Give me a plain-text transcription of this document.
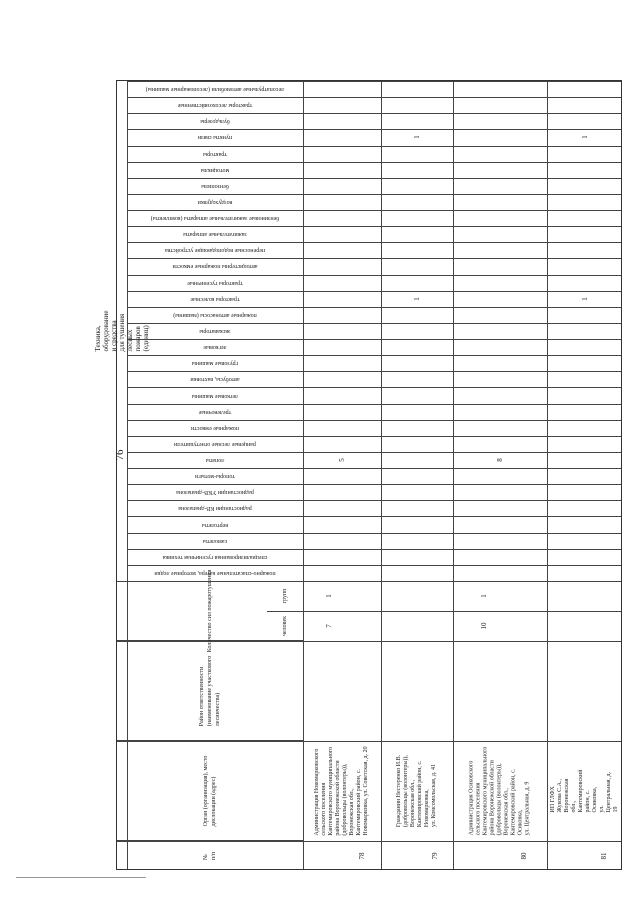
76
Техника, оборудование и средства для тушения лесных пожаров (единиц)
Количество сил пожаротушения	групп
человек
Район ответственности
(наименование участкового
лесничества)
Орган (организация), место
дислокации (адрес)
№
п/п
лесопатрульные автомобили (лесопожарные машины)
тракторы лесохозяйственные
бульдозеры
пункты связи
тракторы
мотоциклы
бензопилы
воздуходувки
бензиновые зажигательные аппараты (комплекты)
зажигательные аппараты
переносные водоподающие устройства
автоцистерны пожарные емкости
тракторы гусеничные
тракторы колесные
пожарные автонасосы (машины)
экскаваторы
легковые
грузовые машины
автобусы, вахтовки
легковые машины
трелевочные
пожарные емкости
ранцевые лесные огнетушители
лопаты
топоры-мотыги
радиостанции УКВ-диапазона
радиостанции КВ-диапазона
вертолеты
самолеты
специализированная гусеничная техника
пожарно-спасательные катера, моторные лодки
78
Администрация Новомарковского
сельского поселения
Кантемировского муниципального
района Воронежской области
(добровольцы (волонтеры)),
Воронежская обл.,
Кантемировский район, с.
Новомарковка, ул. Советская, д. 20
7
1
5
79
Гражданин Нестеренко И.В.
(добровольцы (волонтеры)),
Воронежская обл.,
Кантемировский район, с.
Новомарковка,
ул. Комсомольская, д. 41
1
1
80
Администрация Осиковского
сельского поселения
Кантемировского муниципального
района Воронежской области
(добровольцы (волонтеры)),
Воронежская обл.,
Кантемировский район, с.
Осиковка,
ул. Центральная, д. 9
10
1
8
81
ИП ГЛФХ Жукова С.А.,
Воронежская обл.,
Кантемировский район, с.
Осиковка,
ул. Центральная, д. 19
1
1
